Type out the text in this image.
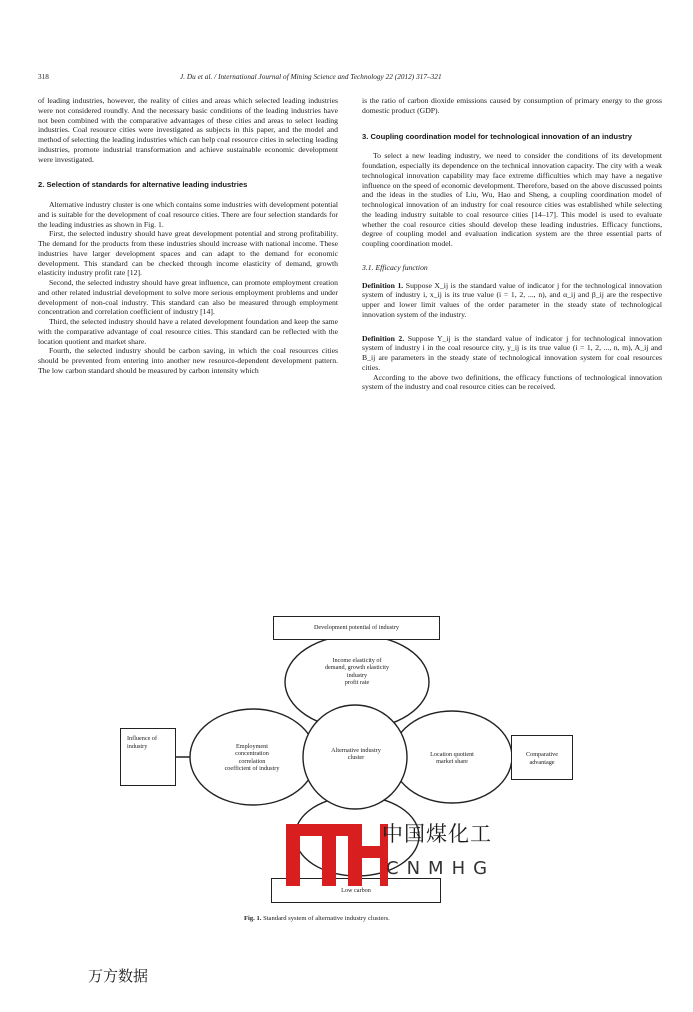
318	J. Du et al. / International Journal of Mining Science and Technology 22 (2012) 317–321

of leading industries, however, the reality of cities and areas which selected leading industries were not considered roundly. And the necessary basic conditions of the leading industries have not been combined with the comparative advantages of these cities and areas to select leading industries. Coal resource cities were investigated as subjects in this paper, and the model and method of selecting the leading industries which can help coal resource cities in selecting leading industries, promote industrial transformation and achieve sustainable economic development were investigated.

2. Selection of standards for alternative leading industries

Alternative industry cluster is one which contains some industries with development potential and is suitable for the development of coal resource cities. There are four selection standards for the leading industries as shown in Fig. 1.

First, the selected industry should have great development potential and strong profitability. The demand for the products from these industries should increase with national income. These industries have larger development spaces and can adapt to the demand for economic development. This standard can be checked through income elasticity of demand, growth elasticity industry profit rate [12].

Second, the selected industry should have great influence, can promote employment creation and other related industrial development to solve more serious employment problems and under development of non-coal industry. This standard can also be measured through employment concentration and correlation coefficient of industry [14].

Third, the selected industry should have a related development foundation and keep the same with the comparative advantage of coal resource cities. This standard can be reflected with the location quotient and market share.

Fourth, the selected industry should be carbon saving, in which the coal resources cities should be prevented from entering into another new resource-dependent development pattern. The low carbon standard should be measured by carbon intensity which

is the ratio of carbon dioxide emissions caused by consumption of primary energy to the gross domestic product (GDP).

3. Coupling coordination model for technological innovation of an industry

To select a new leading industry, we need to consider the conditions of its development foundation, especially its dependence on the technical innovation capacity. The city with a weak technological innovation capability may face extreme difficulties which may have a negative influence on the speed of economic development. Therefore, based on the above discussed points and the ideas in the studies of Liu, Wu, Hao and Sheng, a coupling coordination model of technological innovation of an industry for coal resource cities was established while selecting the leading industry suitable to coal resource cities [14–17]. This model is used to evaluate whether the coal resource cities should develop these leading industries. Efficacy functions, degree of coupling model and evaluation indication system are the three essential parts of coupling coordination model.

3.1. Efficacy function

Definition 1. Suppose X_ij is the standard value of indicator j for the technological innovation system of industry i, x_ij is its true value (i = 1, 2, ..., n), and α_ij and β_ij are the respective upper and lower limit values of the order parameter in the steady state of technological innovation system of the industry.

Definition 2. Suppose Y_ij is the standard value of indicator j for technological innovation system of industry i in the coal resource city, y_ij is its true value (i = 1, 2, ..., n, m), A_ij and B_ij are parameters in the steady state of technological innovation system for coal resources cities.

According to the above two definitions, the efficacy functions of technological innovation system of the industry and coal resource cities can be received.

Development potential of industry
Income elasticity of
demand, growth elasticity
industry
profit rate
Alternative industry
cluster
Employment
concentration
correlation
coefficient of industry
Influence of
industry
Location quotient
market share
Comparative
advantage
Low carbon
中国煤化工
CNMHG
Fig. 1. Standard system of alternative industry clusters.
万方数据
